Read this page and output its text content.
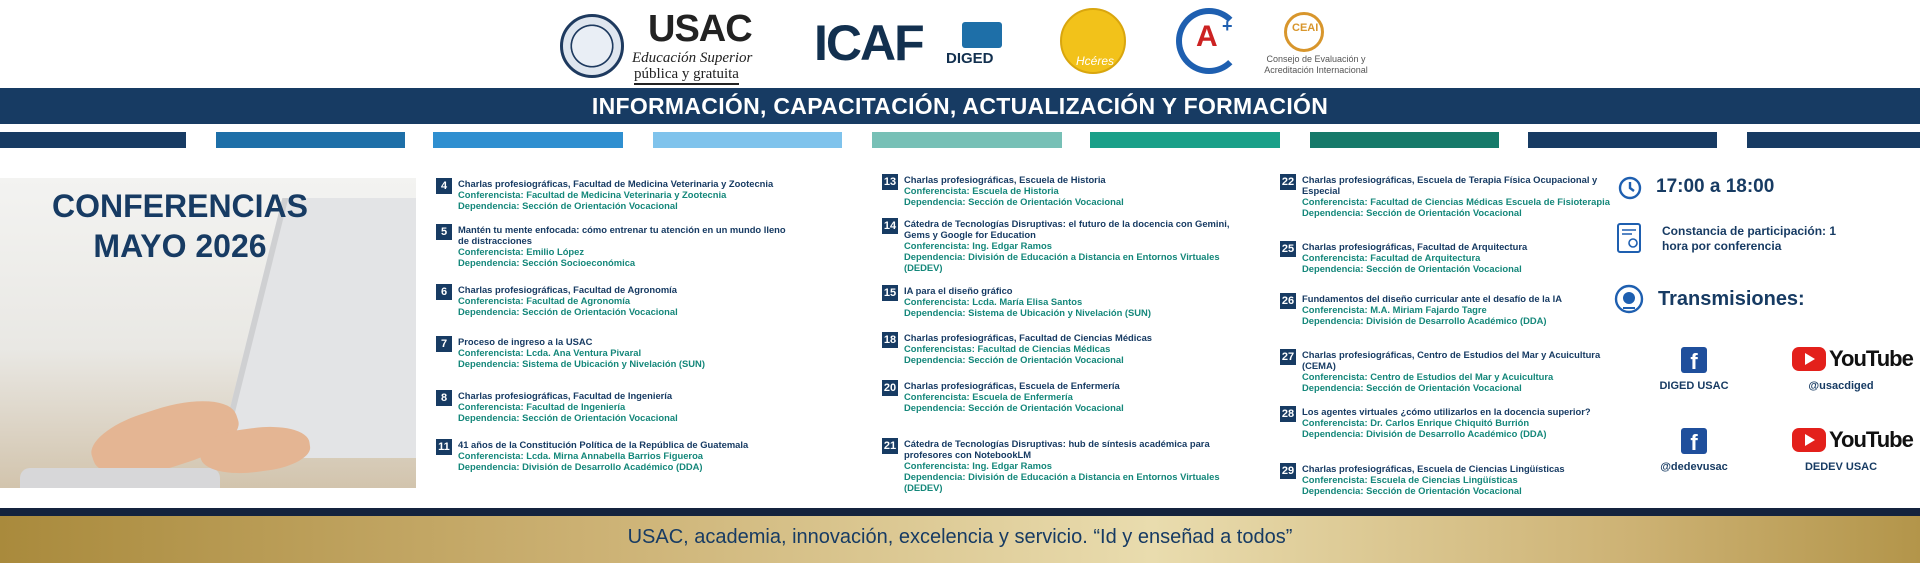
USAC
Educación Superior
pública y gratuita
ICAF DIGED	Hcéres
A +	CEAI
Consejo de Evaluación y Acreditación Internacional
INFORMACIÓN, CAPACITACIÓN, ACTUALIZACIÓN Y FORMACIÓN
CONFERENCIAS
MAYO 2026
4	Charlas profesiográficas, Facultad de Medicina Veterinaria y Zootecnia
Conferencista: Facultad de Medicina Veterinaria y Zootecnia
Dependencia: Sección de Orientación Vocacional
5	Mantén tu mente enfocada: cómo entrenar tu atención en un mundo lleno de distracciones
Conferencista: Emilio López
Dependencia: Sección Socioeconómica
6	Charlas profesiográficas, Facultad de Agronomía
Conferencista: Facultad de Agronomía
Dependencia: Sección de Orientación Vocacional
7	Proceso de ingreso a la USAC
Conferencista: Lcda. Ana Ventura Pivaral
Dependencia: Sistema de Ubicación y Nivelación (SUN)
8	Charlas profesiográficas, Facultad de Ingeniería
Conferencista: Facultad de Ingeniería
Dependencia: Sección de Orientación Vocacional
11 41 años de la Constitución Política de la República de Guatemala
Conferencista: Lcda. Mirna Annabella Barrios Figueroa
Dependencia: División de Desarrollo Académico (DDA)
13 Charlas profesiográficas, Escuela de Historia
Conferencista: Escuela de Historia
Dependencia: Sección de Orientación Vocacional
14 Cátedra de Tecnologías Disruptivas: el futuro de la docencia con Gemini, Gems y Google for Education
Conferencista: Ing. Edgar Ramos
Dependencia: División de Educación a Distancia en Entornos Virtuales (DEDEV)
15 IA para el diseño gráfico
Conferencista: Lcda. María Elisa Santos
Dependencia: Sistema de Ubicación y Nivelación (SUN)
18 Charlas profesiográficas, Facultad de Ciencias Médicas
Conferencistas: Facultad de Ciencias Médicas
Dependencia: Sección de Orientación Vocacional
20 Charlas profesiográficas, Escuela de Enfermería
Conferencista: Escuela de Enfermería
Dependencia: Sección de Orientación Vocacional
21 Cátedra de Tecnologías Disruptivas: hub de síntesis académica para profesores con NotebookLM
Conferencista: Ing. Edgar Ramos
Dependencia: División de Educación a Distancia en Entornos Virtuales (DEDEV)
22 Charlas profesiográficas, Escuela de Terapia Física Ocupacional y Especial
Conferencista: Facultad de Ciencias Médicas Escuela de Fisioterapia
Dependencia: Sección de Orientación Vocacional
25 Charlas profesiográficas, Facultad de Arquitectura
Conferencista: Facultad de Arquitectura
Dependencia: Sección de Orientación Vocacional
26 Fundamentos del diseño curricular ante el desafío de la IA
Conferencista: M.A. Miriam Fajardo Tagre
Dependencia: División de Desarrollo Académico (DDA)
27 Charlas profesiográficas, Centro de Estudios del Mar y Acuicultura (CEMA)
Conferencista: Centro de Estudios del Mar y Acuicultura
Dependencia: Sección de Orientación Vocacional
28 Los agentes virtuales ¿cómo utilizarlos en la docencia superior?
Conferencista: Dr. Carlos Enrique Chiquitó Burrión
Dependencia: División de Desarrollo Académico (DDA)
29 Charlas profesiográficas, Escuela de Ciencias Lingüísticas
Conferencista: Escuela de Ciencias Lingüísticas
Dependencia: Sección de Orientación Vocacional
17:00 a 18:00
Constancia de participación: 1 hora por conferencia
Transmisiones:
f
DIGED USAC
YouTube
@usacdiged
f
@dedevusac
YouTube
DEDEV USAC
USAC, academia, innovación, excelencia y servicio. “Id y enseñad a todos”
